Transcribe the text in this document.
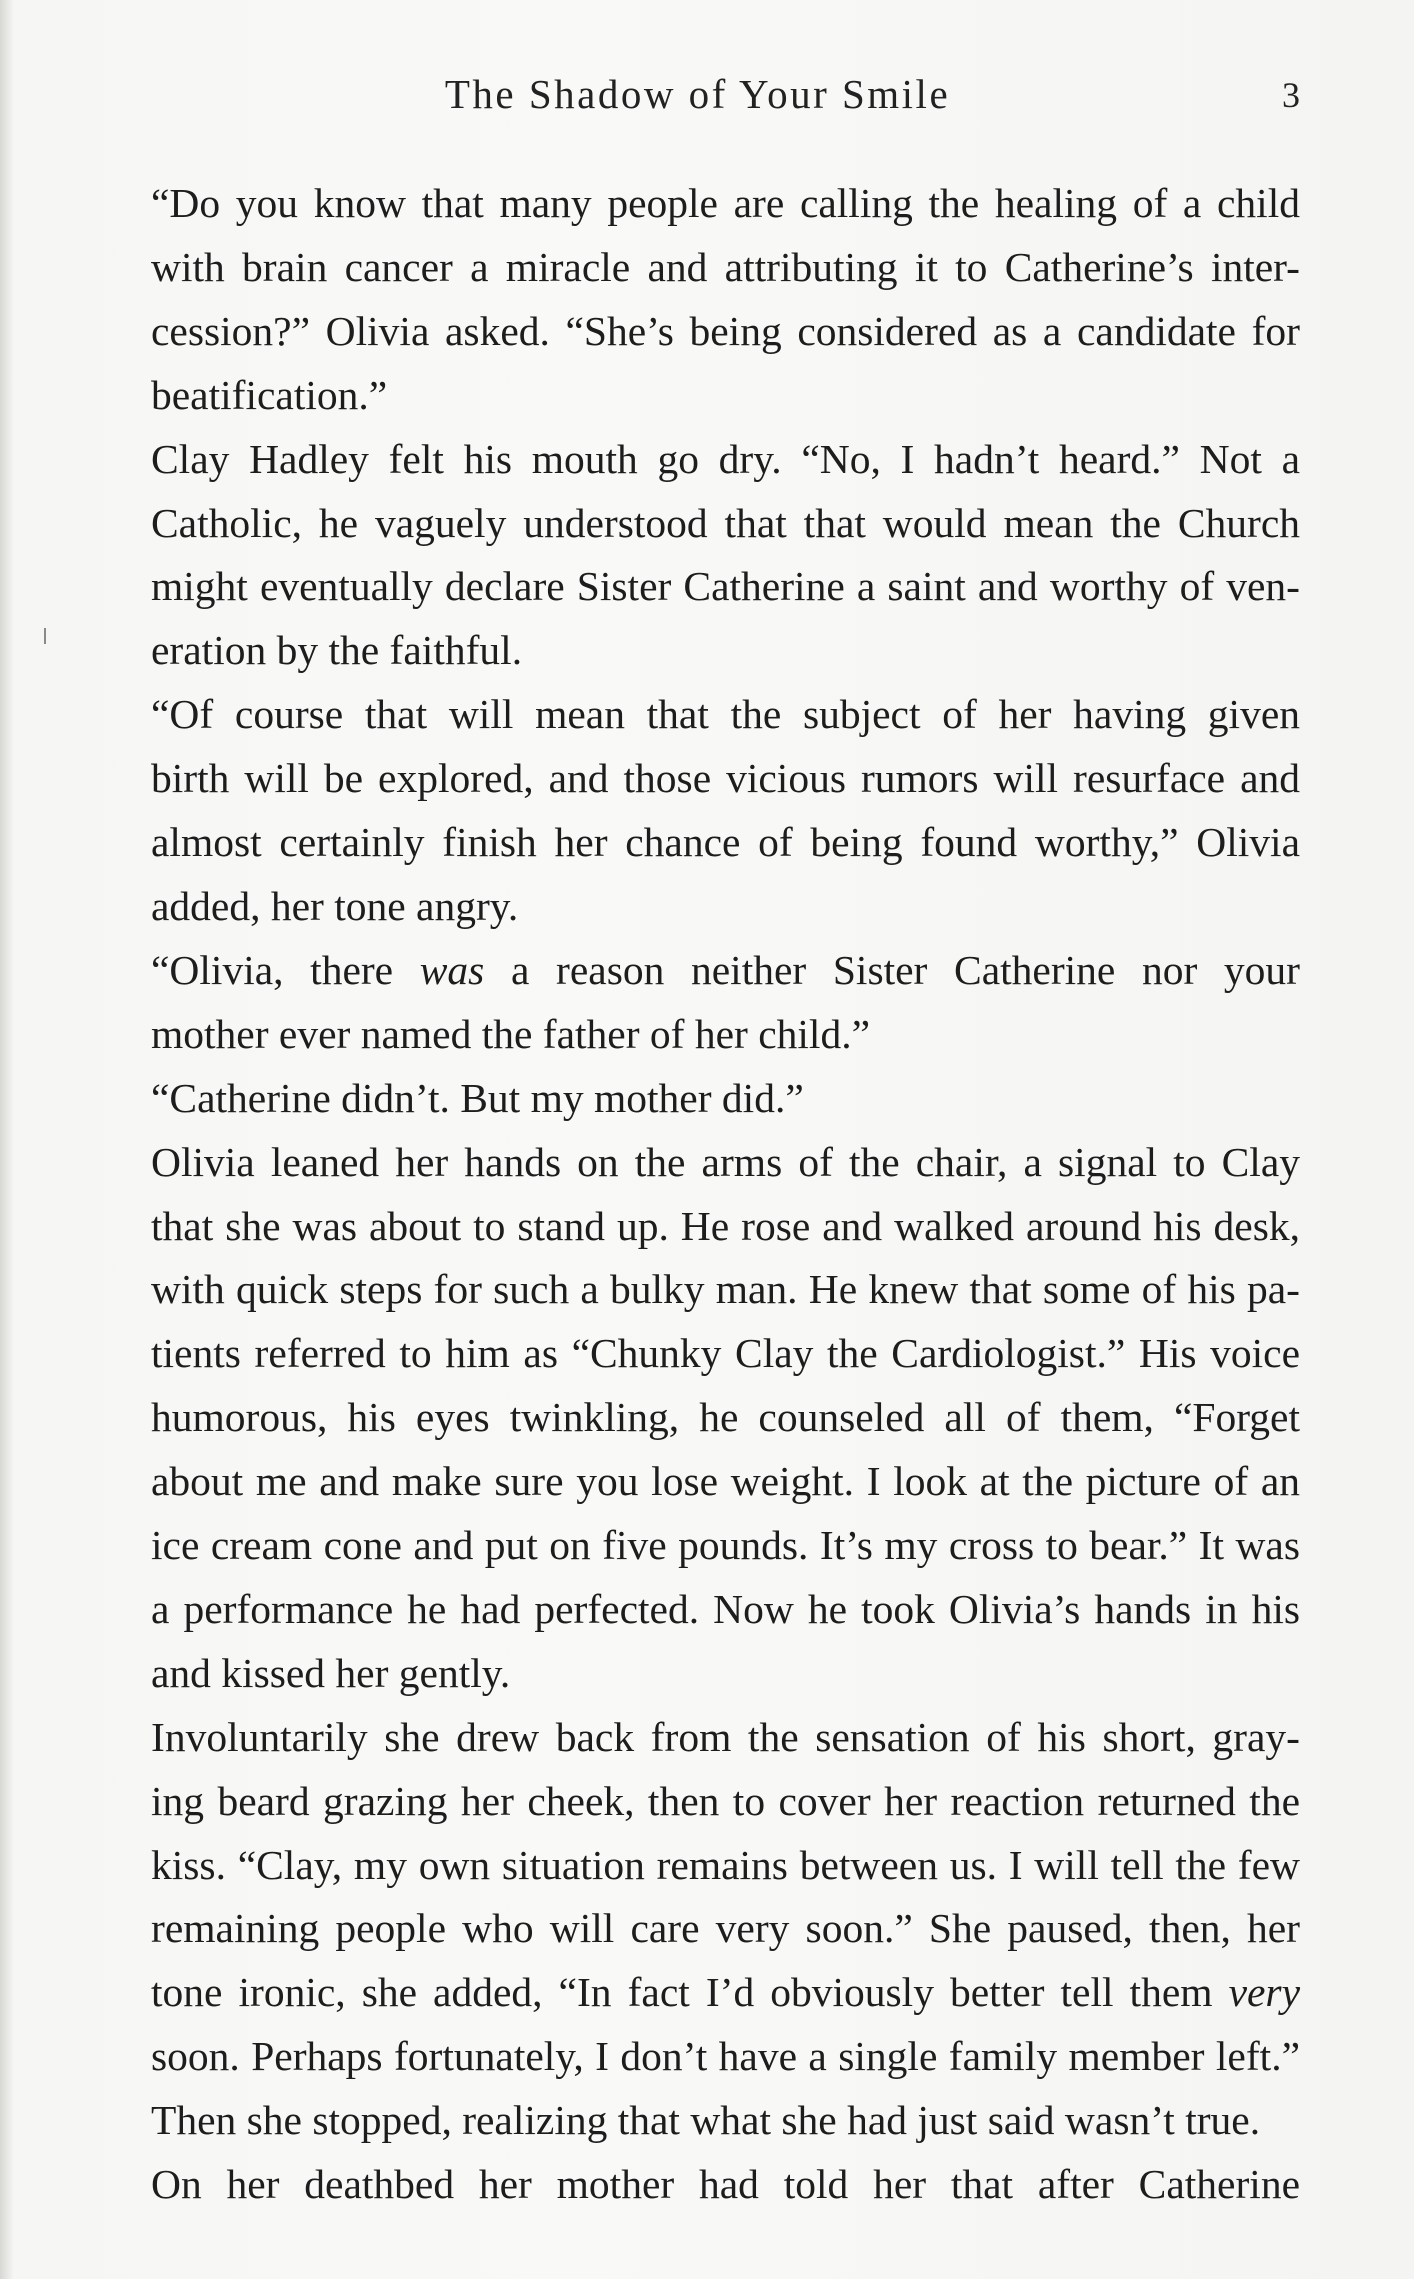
The Shadow of Your Smile	3

“Do you know that many people are calling the healing of a child
with brain cancer a miracle and attributing it to Catherine’s inter-
cession?” Olivia asked. “She’s being considered as a candidate for
beatification.”

Clay Hadley felt his mouth go dry. “No, I hadn’t heard.” Not a
Catholic, he vaguely understood that that would mean the Church
might eventually declare Sister Catherine a saint and worthy of ven-
eration by the faithful.

“Of course that will mean that the subject of her having given
birth will be explored, and those vicious rumors will resurface and
almost certainly finish her chance of being found worthy,” Olivia
added, her tone angry.

“Olivia, there was a reason neither Sister Catherine nor your
mother ever named the father of her child.”

“Catherine didn’t. But my mother did.”

Olivia leaned her hands on the arms of the chair, a signal to Clay
that she was about to stand up. He rose and walked around his desk,
with quick steps for such a bulky man. He knew that some of his pa-
tients referred to him as “Chunky Clay the Cardiologist.” His voice
humorous, his eyes twinkling, he counseled all of them, “Forget
about me and make sure you lose weight. I look at the picture of an
ice cream cone and put on five pounds. It’s my cross to bear.” It was
a performance he had perfected. Now he took Olivia’s hands in his
and kissed her gently.

Involuntarily she drew back from the sensation of his short, gray-
ing beard grazing her cheek, then to cover her reaction returned the
kiss. “Clay, my own situation remains between us. I will tell the few
remaining people who will care very soon.” She paused, then, her
tone ironic, she added, “In fact I’d obviously better tell them very
soon. Perhaps fortunately, I don’t have a single family member left.”
Then she stopped, realizing that what she had just said wasn’t true.

On her deathbed her mother had told her that after Catherine
